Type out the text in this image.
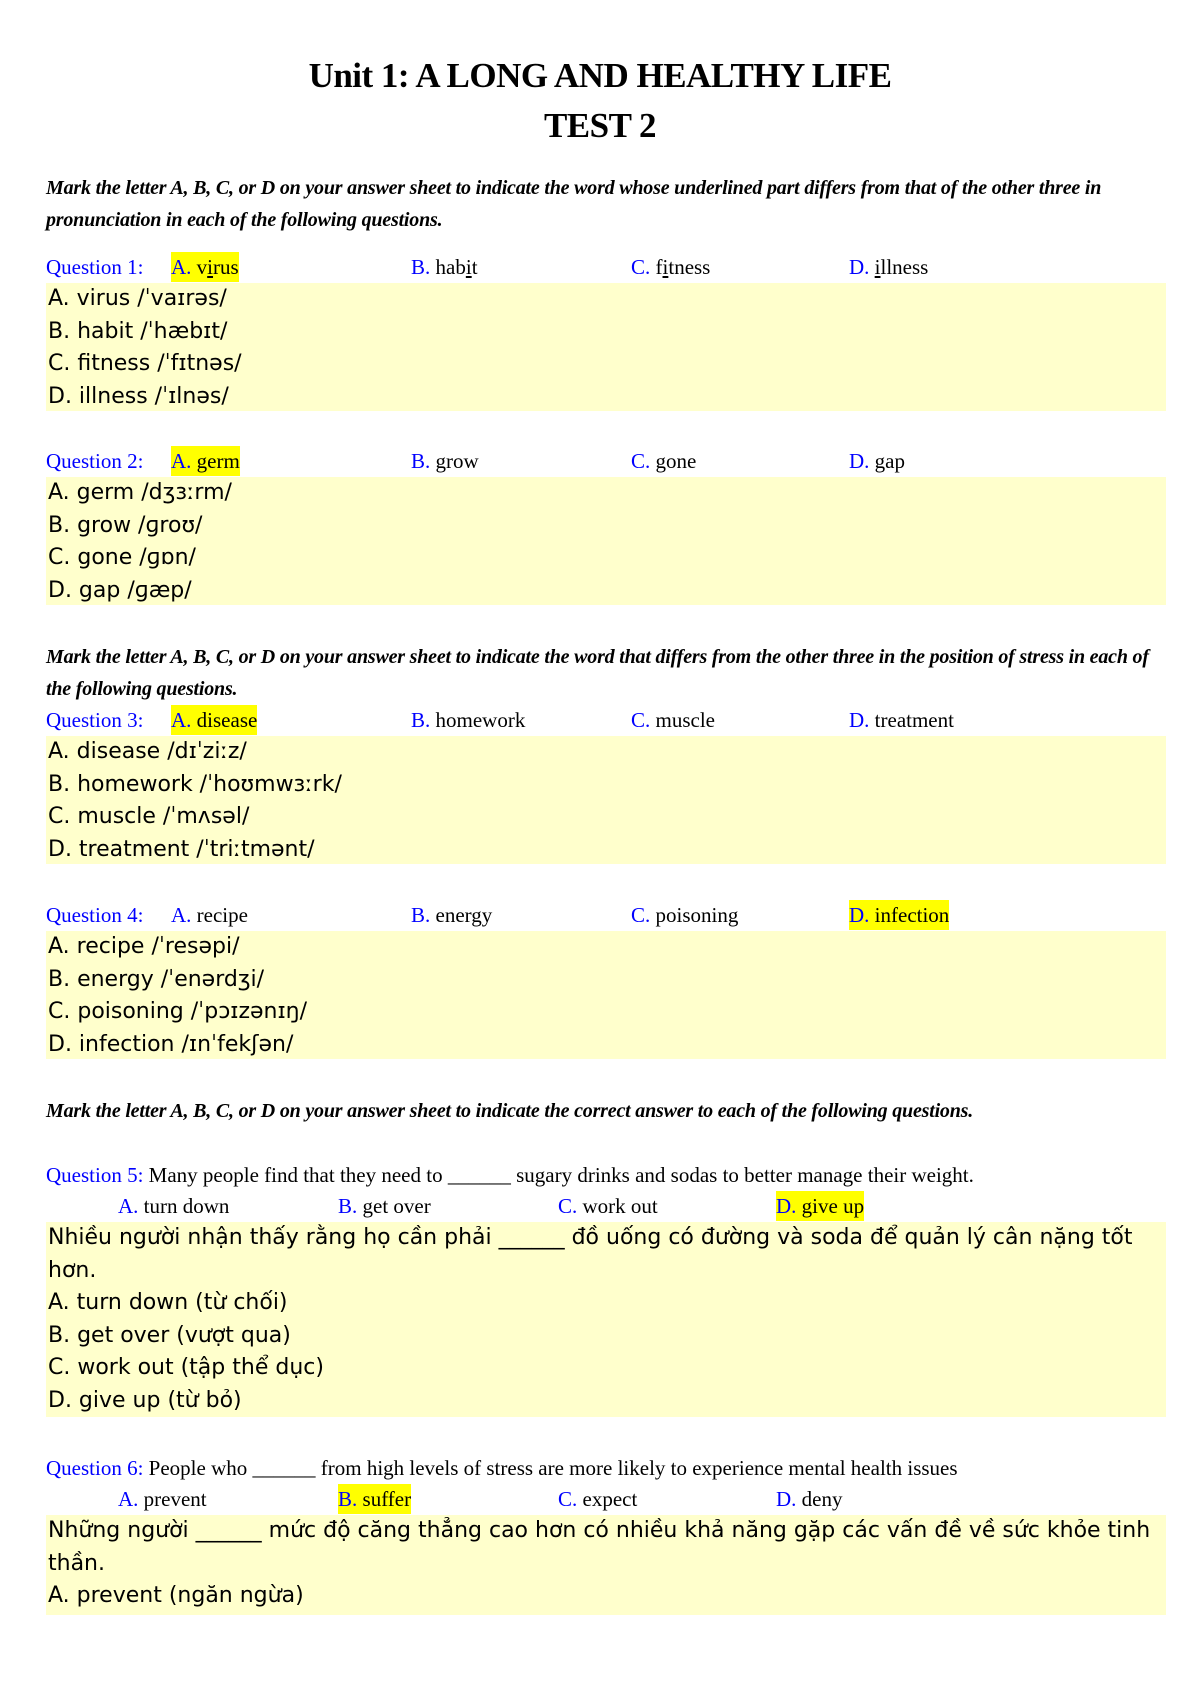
Unit 1: A LONG AND HEALTHY LIFE
TEST 2
Mark the letter A, B, C, or D on your answer sheet to indicate the word whose underlined part differs from that of the other three in pronunciation in each of the following questions.
Question 1: A. virus	B. habit	C. fitness	D. illness
A. virus /ˈvaɪrəs/
B. habit /ˈhæbɪt/
C. fitness /ˈfɪtnəs/
D. illness /ˈɪlnəs/
Question 2: A. germ	B. grow	C. gone	D. gap
A. germ /dʒɜːrm/
B. grow /ɡroʊ/
C. gone /ɡɒn/
D. gap /ɡæp/
Mark the letter A, B, C, or D on your answer sheet to indicate the word that differs from the other three in the position of stress in each of the following questions.
Question 3: A. disease	B. homework	C. muscle	D. treatment
A. disease /dɪˈziːz/
B. homework /ˈhoʊmwɜːrk/
C. muscle /ˈmʌsəl/
D. treatment /ˈtriːtmənt/
Question 4: A. recipe	B. energy	C. poisoning	D. infection
A. recipe /ˈresəpi/
B. energy /ˈenərdʒi/
C. poisoning /ˈpɔɪzənɪŋ/
D. infection /ɪnˈfekʃən/
Mark the letter A, B, C, or D on your answer sheet to indicate the correct answer to each of the following questions.
Question 5: Many people find that they need to ______ sugary drinks and sodas to better manage their weight.
A. turn down	B. get over	C. work out	D. give up
Nhiều người nhận thấy rằng họ cần phải ______ đồ uống có đường và soda để quản lý cân nặng tốt hơn.
A. turn down (từ chối)
B. get over (vượt qua)
C. work out (tập thể dục)
D. give up (từ bỏ)
Question 6: People who ______ from high levels of stress are more likely to experience mental health issues
A. prevent	B. suffer	C. expect	D. deny
Những người ______ mức độ căng thẳng cao hơn có nhiều khả năng gặp các vấn đề về sức khỏe tinh thần.
A. prevent (ngăn ngừa)
